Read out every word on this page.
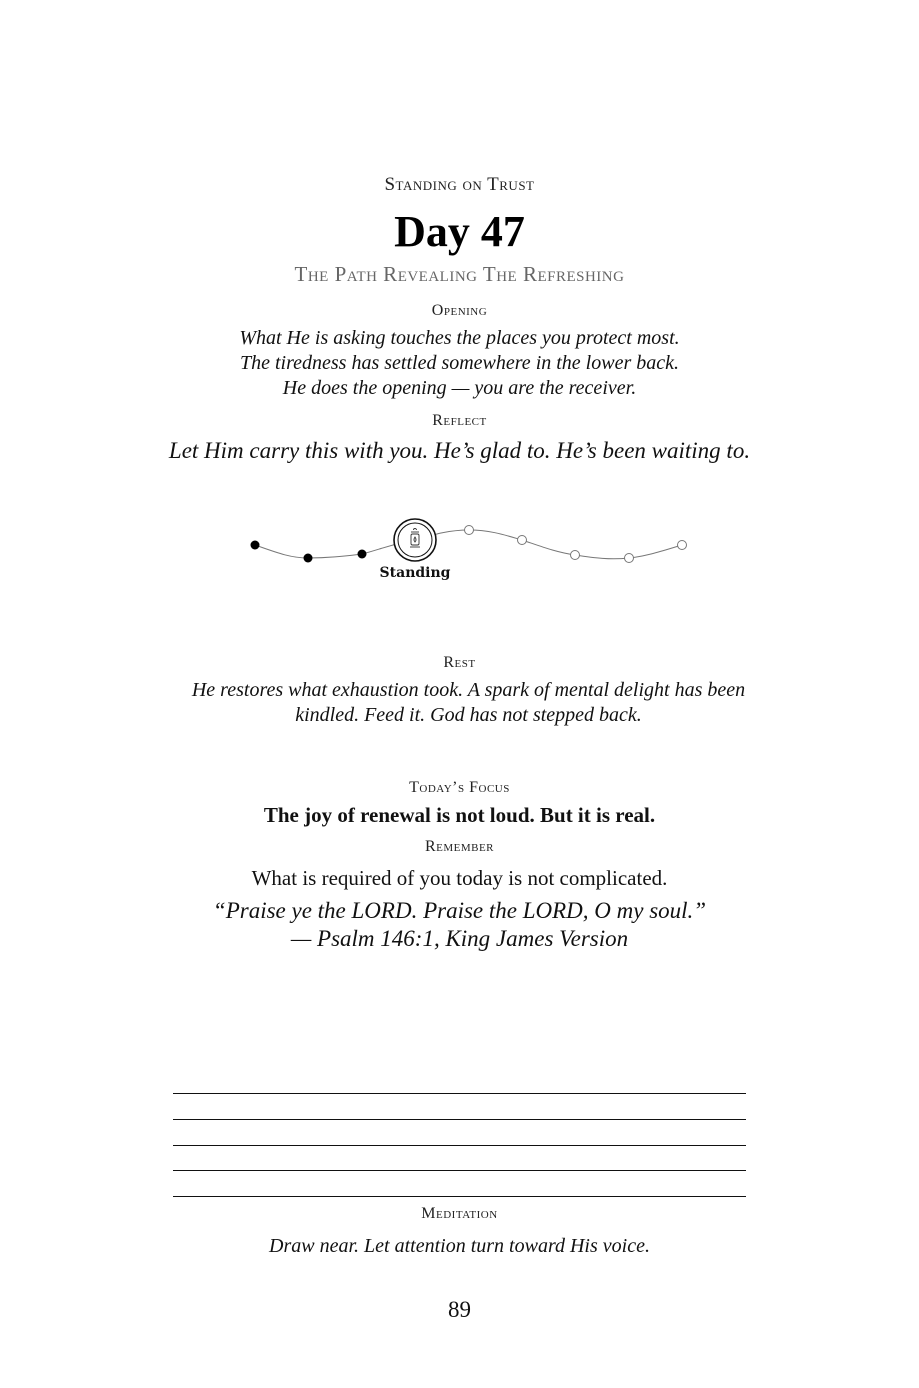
Standing on Trust
Day 47
The Path Revealing The Refreshing
Opening
What He is asking touches the places you protect most.
The tiredness has settled somewhere in the lower back.
He does the opening — you are the receiver.
Reflect
Let Him carry this with you. He’s glad to. He’s been waiting to.
Standing
Rest
He restores what exhaustion took. A spark of mental delight has been kindled. Feed it. God has not stepped back.
Today’s Focus
The joy of renewal is not loud. But it is real.
Remember
What is required of you today is not complicated.
“Praise ye the LORD. Praise the LORD, O my soul.”
— Psalm 146:1, King James Version
Meditation
Draw near. Let attention turn toward His voice.
89
